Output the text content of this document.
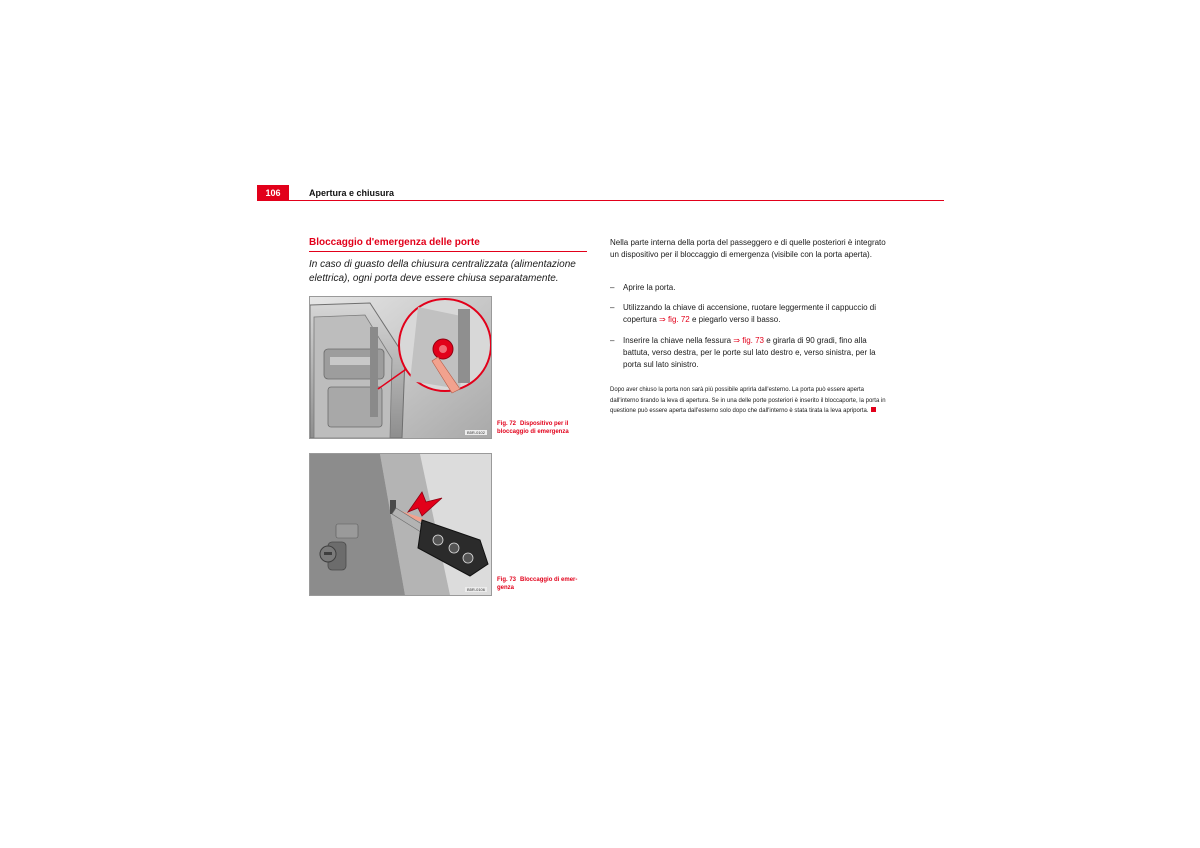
106	Apertura e chiusura
Bloccaggio d'emergenza delle porte
In caso di guasto della chiusura centralizzata (alimentazione elettrica), ogni porta deve essere chiusa separatamente.
B5R-0102
Fig. 72 Dispositivo per il bloccaggio di emergenza
B5R-0106
Fig. 73 Bloccaggio di emer- genza
Nella parte interna della porta del passeggero e di quelle posteriori è integrato un dispositivo per il bloccaggio di emergenza (visibile con la porta aperta).
– Aprire la porta.
– Utilizzando la chiave di accensione, ruotare leggermente il cappuccio di copertura ⇒ fig. 72 e piegarlo verso il basso.
– Inserire la chiave nella fessura ⇒ fig. 73 e girarla di 90 gradi, fino alla battuta, verso destra, per le porte sul lato destro e, verso sinistra, per la porta sul lato sinistro.
Dopo aver chiuso la porta non sarà più possibile aprirla dall'esterno. La porta può essere aperta dall'interno tirando la leva di apertura. Se in una delle porte posteriori è inserito il bloccaporte, la porta in questione può essere aperta dall'esterno solo dopo che dall'interno è stata tirata la leva apriporta.
